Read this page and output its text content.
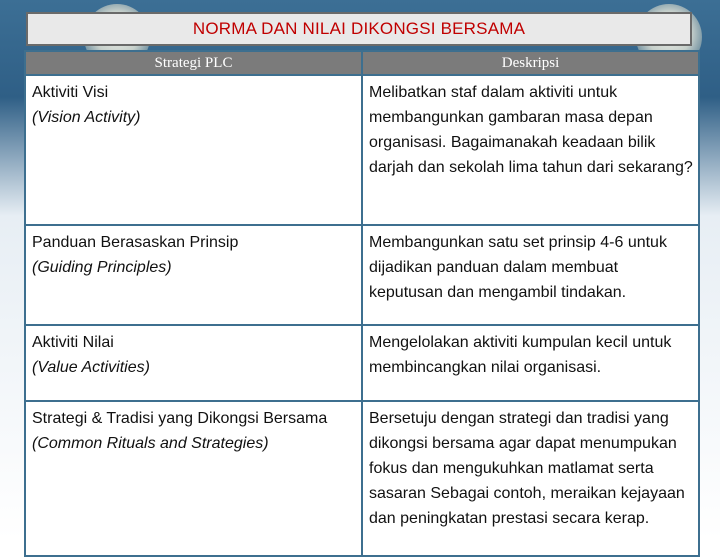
NORMA DAN NILAI DIKONGSI BERSAMA
Strategi PLC	Deskripsi

Aktiviti Visi
(Vision Activity)	Melibatkan staf dalam aktiviti untuk membangunkan gambaran masa depan organisasi. Bagaimanakah keadaan bilik darjah dan sekolah lima tahun dari sekarang?

Panduan Berasaskan Prinsip
(Guiding Principles)	Membangunkan satu set prinsip 4-6 untuk dijadikan panduan dalam membuat keputusan dan mengambil tindakan.

Aktiviti Nilai
(Value Activities)	Mengelolakan aktiviti kumpulan kecil untuk membincangkan nilai organisasi.

Strategi & Tradisi yang Dikongsi Bersama
(Common Rituals and Strategies)	Bersetuju dengan strategi dan tradisi yang dikongsi bersama agar dapat menumpukan fokus dan mengukuhkan matlamat serta sasaran Sebagai contoh, meraikan kejayaan dan peningkatan prestasi secara kerap.
